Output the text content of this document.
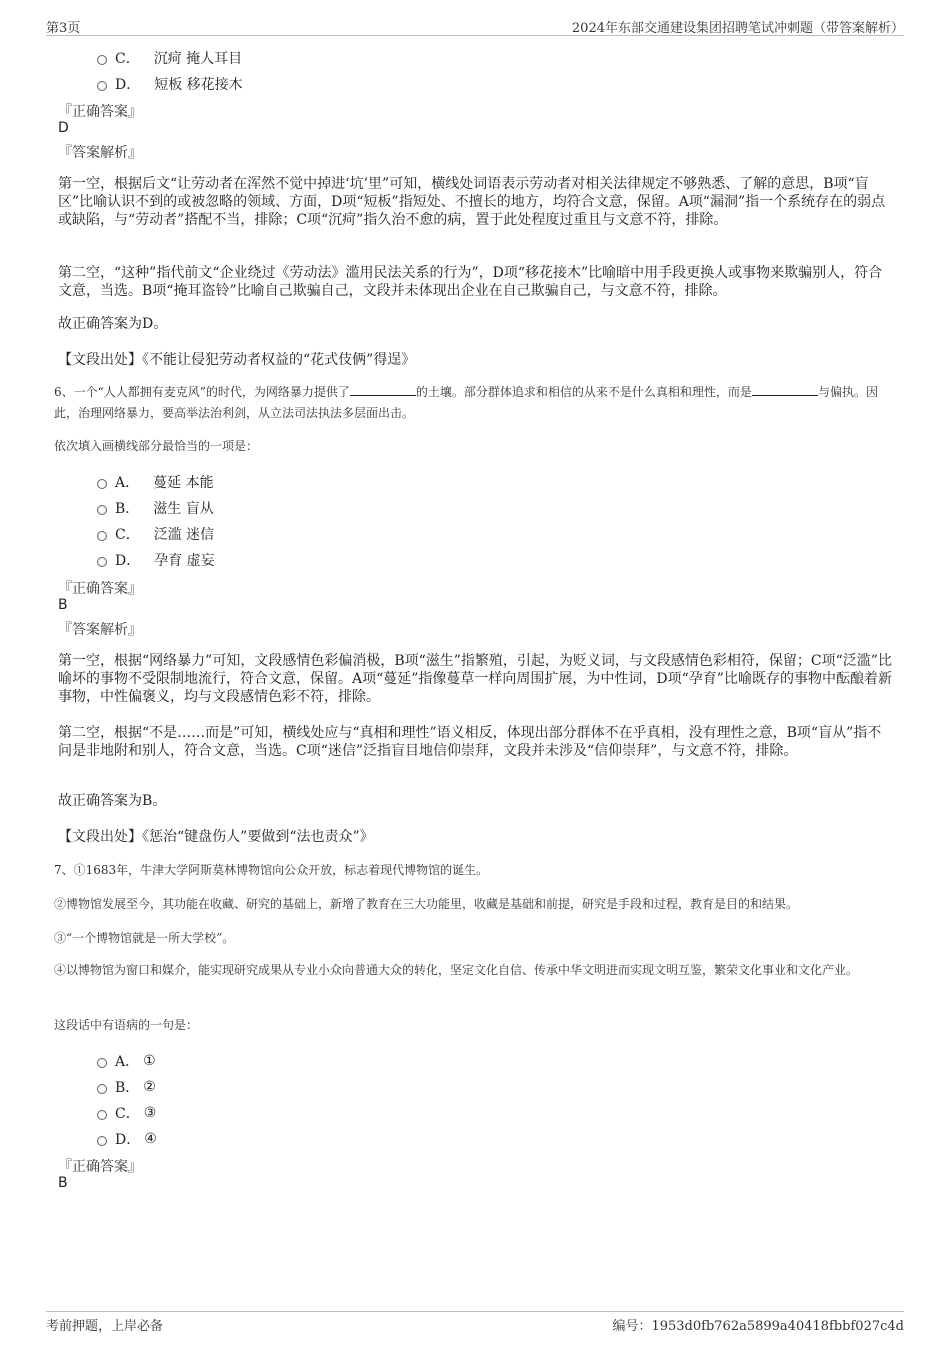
第3页	2024年东部交通建设集团招聘笔试冲刺题（带答案解析）
C． 沉疴 掩人耳目
D． 短板 移花接木
『正确答案』
D
『答案解析』
第一空，根据后文“让劳动者在浑然不觉中掉进‘坑’里”可知，横线处词语表示劳动者对相关法律规定不够熟悉、了解的意思，B项“盲区”比喻认识不到的或被忽略的领域、方面，D项“短板”指短处、不擅长的地方，均符合文意，保留。A项“漏洞”指一个系统存在的弱点或缺陷，与“劳动者”搭配不当，排除；C项“沉疴”指久治不愈的病，置于此处程度过重且与文意不符，排除。
第二空，“这种”指代前文“企业绕过《劳动法》滥用民法关系的行为”，D项“移花接木”比喻暗中用手段更换人或事物来欺骗别人，符合文意，当选。B项“掩耳盗铃”比喻自己欺骗自己，文段并未体现出企业在自己欺骗自己，与文意不符，排除。
故正确答案为D。
【文段出处】《不能让侵犯劳动者权益的“花式伎俩”得逞》
6、一个“人人都拥有麦克风”的时代，为网络暴力提供了	的土壤。部分群体追求和相信的从来不是什么真相和理性，而是	与偏执。因此，治理网络暴力，要高举法治利剑，从立法司法执法多层面出击。
依次填入画横线部分最恰当的一项是：
A． 蔓延 本能
B． 滋生 盲从
C． 泛滥 迷信
D． 孕育 虚妄
『正确答案』
B
『答案解析』
第一空，根据“网络暴力”可知，文段感情色彩偏消极，B项“滋生”指繁殖，引起，为贬义词，与文段感情色彩相符，保留；C项“泛滥”比喻坏的事物不受限制地流行，符合文意，保留。A项“蔓延”指像蔓草一样向周围扩展，为中性词，D项“孕育”比喻既存的事物中酝酿着新事物，中性偏褒义，均与文段感情色彩不符，排除。
第二空，根据“不是……而是”可知，横线处应与“真相和理性”语义相反，体现出部分群体不在乎真相，没有理性之意，B项“盲从”指不问是非地附和别人，符合文意，当选。C项“迷信”泛指盲目地信仰崇拜，文段并未涉及“信仰崇拜”，与文意不符，排除。
故正确答案为B。
【文段出处】《惩治“键盘伤人”要做到“法也责众”》
7、①1683年，牛津大学阿斯莫林博物馆向公众开放，标志着现代博物馆的诞生。
②博物馆发展至今，其功能在收藏、研究的基础上，新增了教育在三大功能里，收藏是基础和前提，研究是手段和过程，教育是目的和结果。
③“一个博物馆就是一所大学校”。
④以博物馆为窗口和媒介，能实现研究成果从专业小众向普通大众的转化，坚定文化自信、传承中华文明进而实现文明互鉴，繁荣文化事业和文化产业。
这段话中有语病的一句是：
A． ①
B． ②
C． ③
D． ④
『正确答案』
B
考前押题，上岸必备	编号：1953d0fb762a5899a40418fbbf027c4d
